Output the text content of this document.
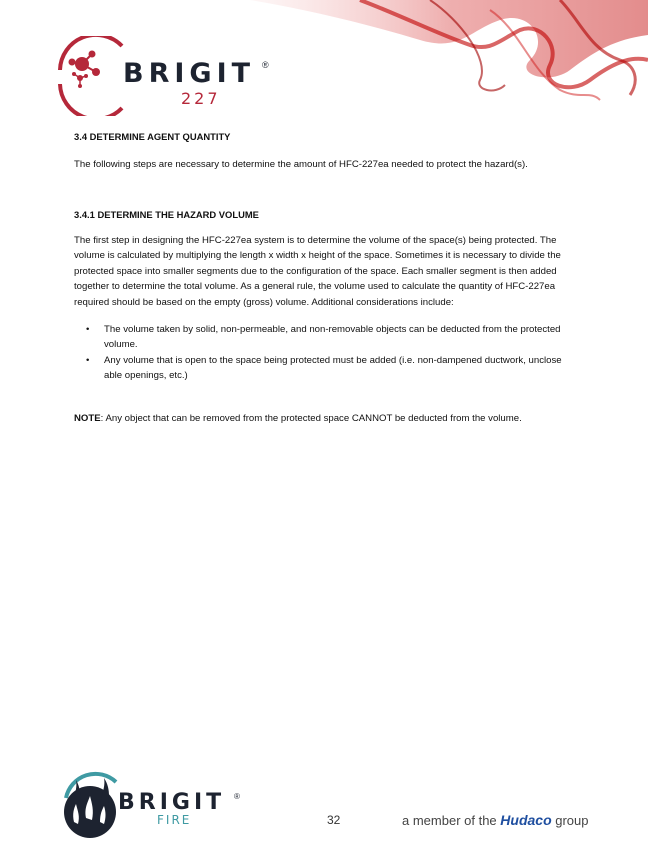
BRIGIT ®
227
3.4 DETERMINE AGENT QUANTITY

The following steps are necessary to determine the amount of HFC-227ea needed to protect the hazard(s).

3.4.1 DETERMINE THE HAZARD VOLUME

The first step in designing the HFC-227ea system is to determine the volume of the space(s) being protected. The volume is calculated by multiplying the length x width x height of the space. Sometimes it is necessary to divide the protected space into smaller segments due to the configuration of the space. Each smaller segment is then added together to determine the total volume. As a general rule, the volume used to calculate the quantity of HFC-227ea required should be based on the empty (gross) volume. Additional considerations include:

• The volume taken by solid, non-permeable, and non-removable objects can be deducted from the protected volume.
• Any volume that is open to the space being protected must be added (i.e. non-dampened ductwork, unclose able openings, etc.)

NOTE: Any object that can be removed from the protected space CANNOT be deducted from the volume.

BRIGIT ®
FIRE	32	a member of the Hudaco group
